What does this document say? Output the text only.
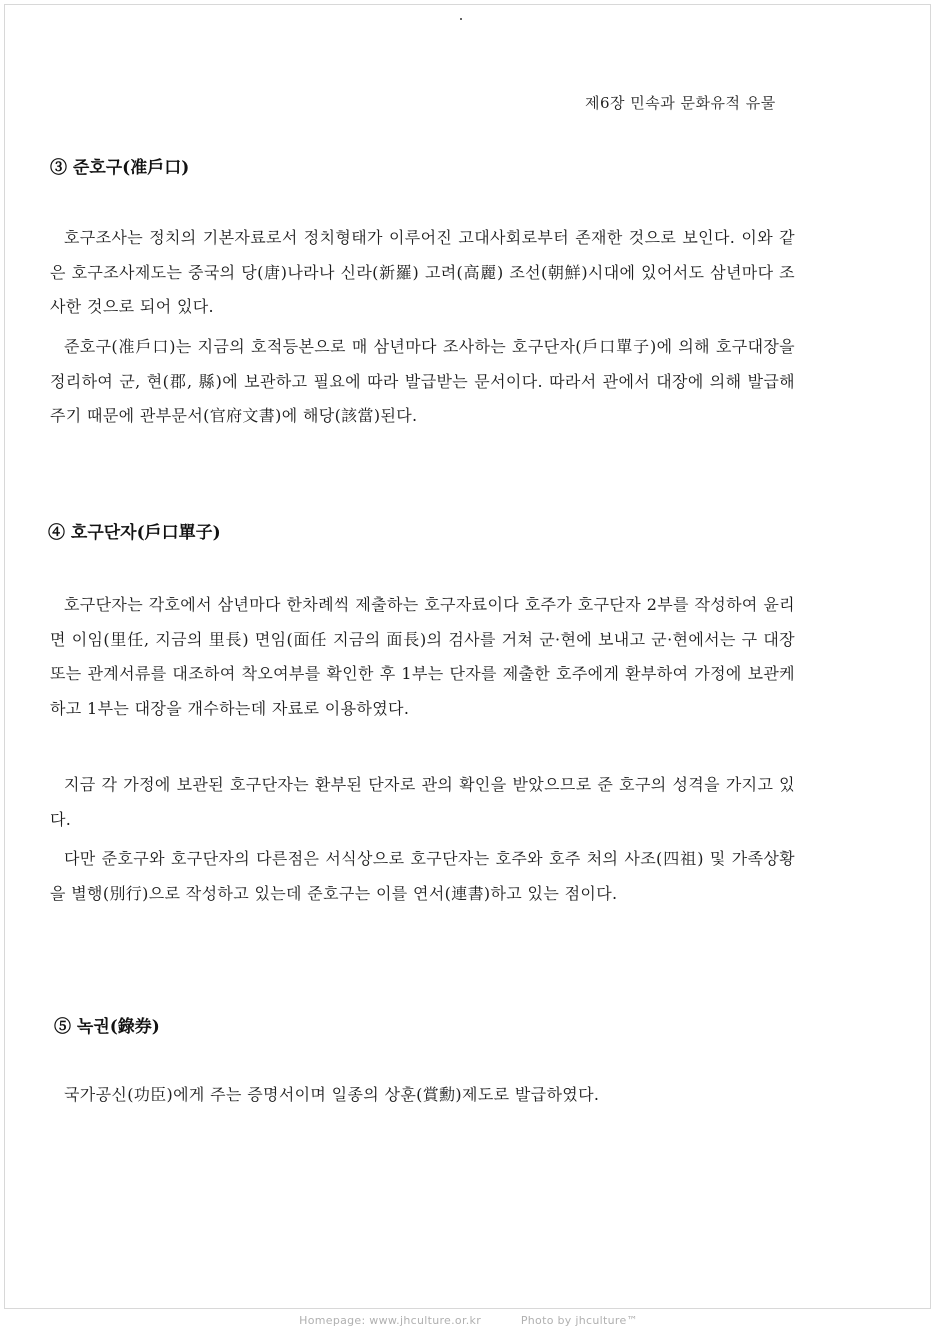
제6장 민속과 문화유적 유물
③ 준호구(准戶口)

호구조사는 정치의 기본자료로서 정치형태가 이루어진 고대사회로부터 존재한 것으로 보인다. 이와 같은 호구조사제도는 중국의 당(唐)나라나 신라(新羅) 고려(高麗) 조선(朝鮮)시대에 있어서도 삼년마다 조사한 것으로 되어 있다.

준호구(准戶口)는 지금의 호적등본으로 매 삼년마다 조사하는 호구단자(戶口單子)에 의해 호구대장을 정리하여 군, 현(郡, 縣)에 보관하고 필요에 따라 발급받는 문서이다. 따라서 관에서 대장에 의해 발급해 주기 때문에 관부문서(官府文書)에 해당(該當)된다.

④ 호구단자(戶口單子)

호구단자는 각호에서 삼년마다 한차례씩 제출하는 호구자료이다 호주가 호구단자 2부를 작성하여 윤리면 이임(里任, 지금의 里長) 면임(面任 지금의 面長)의 검사를 거쳐 군·현에 보내고 군·현에서는 구 대장 또는 관계서류를 대조하여 착오여부를 확인한 후 1부는 단자를 제출한 호주에게 환부하여 가정에 보관케하고 1부는 대장을 개수하는데 자료로 이용하였다.

지금 각 가정에 보관된 호구단자는 환부된 단자로 관의 확인을 받았으므로 준 호구의 성격을 가지고 있다.

다만 준호구와 호구단자의 다른점은 서식상으로 호구단자는 호주와 호주 처의 사조(四祖) 및 가족상황을 별행(別行)으로 작성하고 있는데 준호구는 이를 연서(連書)하고 있는 점이다.

⑤ 녹권(錄券)

국가공신(功臣)에게 주는 증명서이며 일종의 상훈(賞勳)제도로 발급하였다.

Homepage: www.jhculture.or.kr	Photo by jhculture™
